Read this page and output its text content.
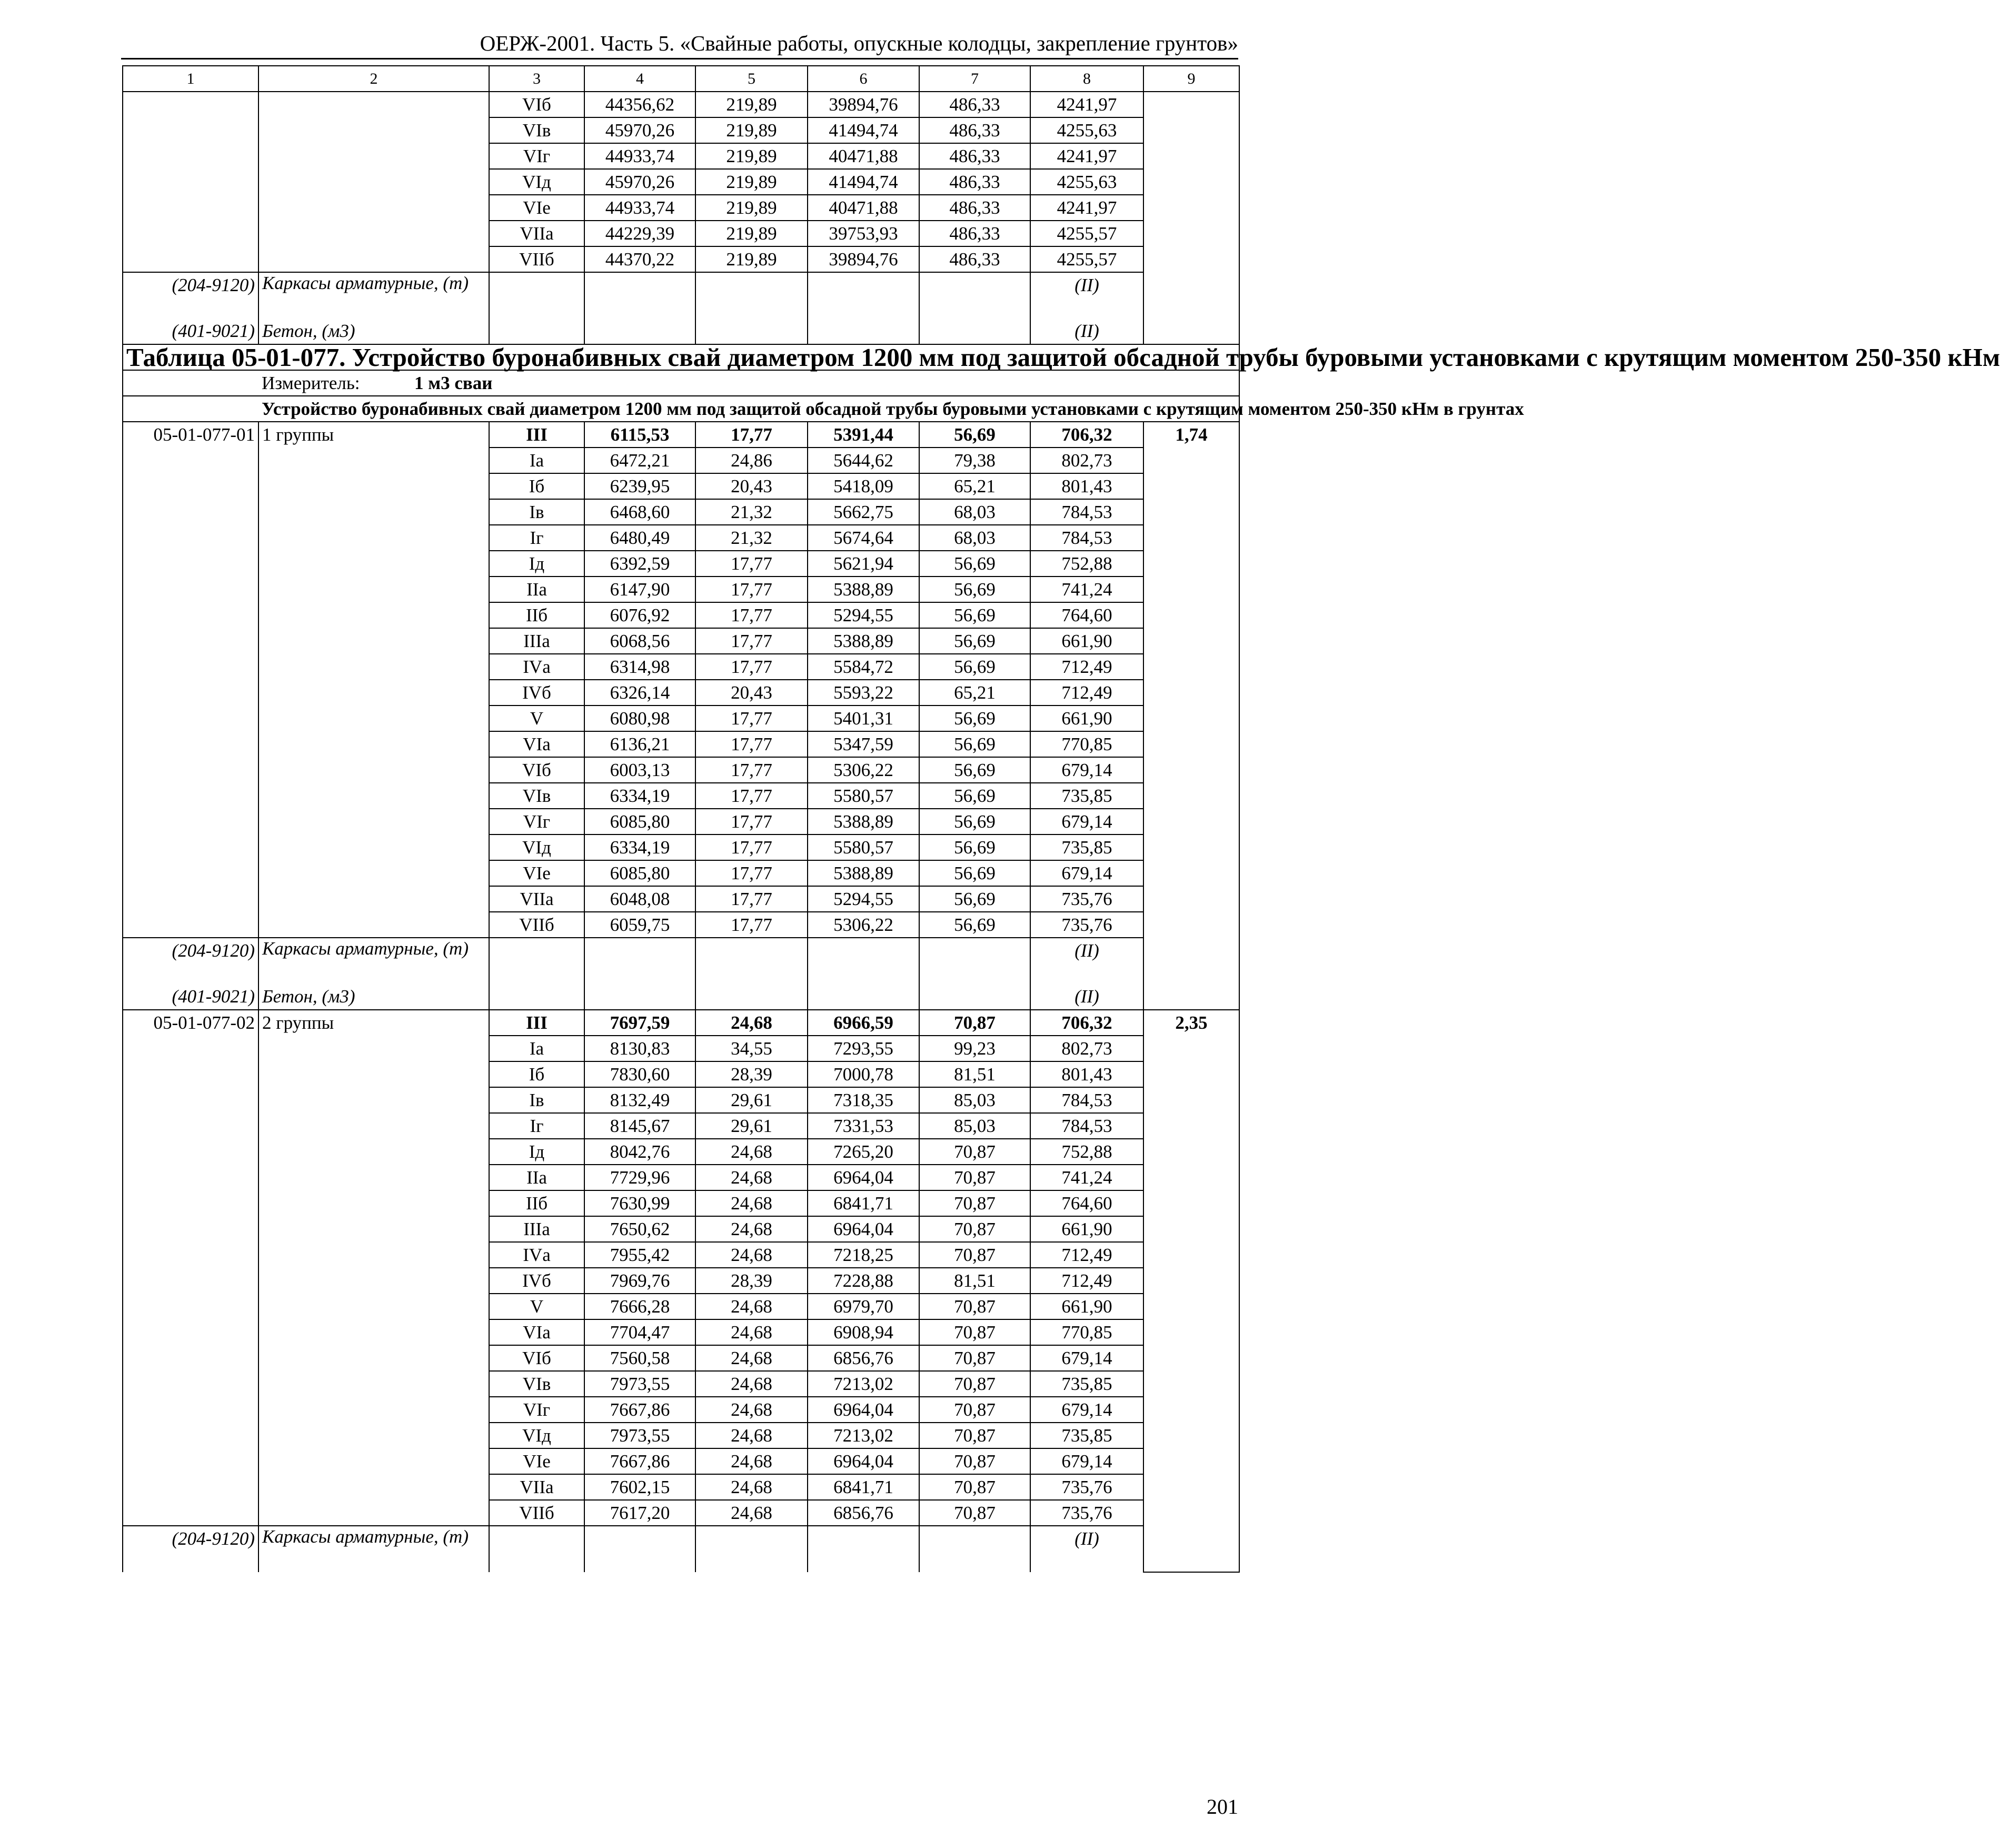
ОЕРЖ-2001. Часть 5. «Свайные работы, опускные колодцы, закрепление грунтов»
1	2	3	4	5	6	7	8	9
		VIб	44356,62	219,89	39894,76	486,33	4241,97	
		VIв	45970,26	219,89	41494,74	486,33	4255,63	
		VIг	44933,74	219,89	40471,88	486,33	4241,97	
		VIд	45970,26	219,89	41494,74	486,33	4255,63	
		VIе	44933,74	219,89	40471,88	486,33	4241,97	
		VIIа	44229,39	219,89	39753,93	486,33	4255,57	
		VIIб	44370,22	219,89	39894,76	486,33	4255,57	
(204-9120)	Каркасы арматурные, (т)						(II)	
(401-9021)	Бетон, (м3)						(II)	
Таблица 05-01-077. Устройство буронабивных свай диаметром 1200 мм под защитой обсадной трубы буровыми установками с крутящим моментом 250-350 кНм								
	Измеритель: 1 м3 сваи							
	Устройство буронабивных свай диаметром 1200 мм под защитой обсадной трубы буровыми установками с крутящим моментом 250-350 кНм в грунтах							
05-01-077-01	1 группы	III	6115,53	17,77	5391,44	56,69	706,32	1,74
		Iа	6472,21	24,86	5644,62	79,38	802,73	
		Iб	6239,95	20,43	5418,09	65,21	801,43	
		Iв	6468,60	21,32	5662,75	68,03	784,53	
		Iг	6480,49	21,32	5674,64	68,03	784,53	
		Iд	6392,59	17,77	5621,94	56,69	752,88	
		IIа	6147,90	17,77	5388,89	56,69	741,24	
		IIб	6076,92	17,77	5294,55	56,69	764,60	
		IIIа	6068,56	17,77	5388,89	56,69	661,90	
		IVа	6314,98	17,77	5584,72	56,69	712,49	
		IVб	6326,14	20,43	5593,22	65,21	712,49	
		V	6080,98	17,77	5401,31	56,69	661,90	
		VIа	6136,21	17,77	5347,59	56,69	770,85	
		VIб	6003,13	17,77	5306,22	56,69	679,14	
		VIв	6334,19	17,77	5580,57	56,69	735,85	
		VIг	6085,80	17,77	5388,89	56,69	679,14	
		VIд	6334,19	17,77	5580,57	56,69	735,85	
		VIе	6085,80	17,77	5388,89	56,69	679,14	
		VIIа	6048,08	17,77	5294,55	56,69	735,76	
		VIIб	6059,75	17,77	5306,22	56,69	735,76	
(204-9120)	Каркасы арматурные, (т)						(II)	
(401-9021)	Бетон, (м3)						(II)	
05-01-077-02	2 группы	III	7697,59	24,68	6966,59	70,87	706,32	2,35
		Iа	8130,83	34,55	7293,55	99,23	802,73	
		Iб	7830,60	28,39	7000,78	81,51	801,43	
		Iв	8132,49	29,61	7318,35	85,03	784,53	
		Iг	8145,67	29,61	7331,53	85,03	784,53	
		Iд	8042,76	24,68	7265,20	70,87	752,88	
		IIа	7729,96	24,68	6964,04	70,87	741,24	
		IIб	7630,99	24,68	6841,71	70,87	764,60	
		IIIа	7650,62	24,68	6964,04	70,87	661,90	
		IVа	7955,42	24,68	7218,25	70,87	712,49	
		IVб	7969,76	28,39	7228,88	81,51	712,49	
		V	7666,28	24,68	6979,70	70,87	661,90	
		VIа	7704,47	24,68	6908,94	70,87	770,85	
		VIб	7560,58	24,68	6856,76	70,87	679,14	
		VIв	7973,55	24,68	7213,02	70,87	735,85	
		VIг	7667,86	24,68	6964,04	70,87	679,14	
		VIд	7973,55	24,68	7213,02	70,87	735,85	
		VIе	7667,86	24,68	6964,04	70,87	679,14	
		VIIа	7602,15	24,68	6841,71	70,87	735,76	
		VIIб	7617,20	24,68	6856,76	70,87	735,76	
(204-9120)	Каркасы арматурные, (т)						(II)	
201
